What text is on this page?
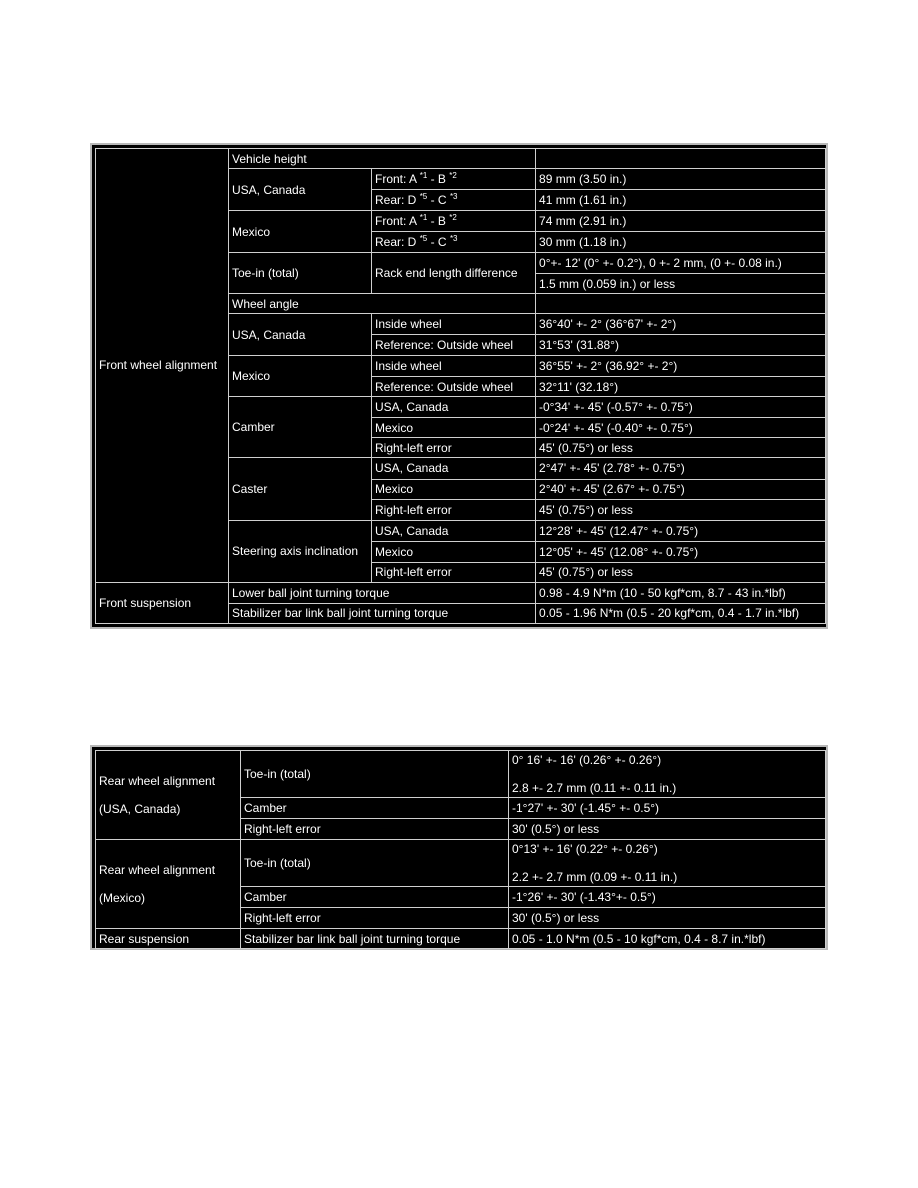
Front wheel alignment	Vehicle height		
	USA, Canada	Front: A $^{*1}$ - B $^{*2}$	89 mm (3.50 in.)
		Rear: D $^{*5}$ - C $^{*3}$	41 mm (1.61 in.)
	Mexico	Front: A $^{*1}$ - B $^{*2}$	74 mm (2.91 in.)
		Rear: D $^{*5}$ - C $^{*3}$	30 mm (1.18 in.)
	Toe-in (total)	Rack end length difference	0°+- 12' (0° +- 0.2°), 0 +- 2 mm, (0 +- 0.08 in.)
			1.5 mm (0.059 in.) or less
	Wheel angle		
	USA, Canada	Inside wheel	36°40' +- 2° (36°67' +- 2°)
		Reference: Outside wheel	31°53' (31.88°)
	Mexico	Inside wheel	36°55' +- 2° (36.92° +- 2°)
		Reference: Outside wheel	32°11' (32.18°)
	Camber	USA, Canada	-0°34' +- 45' (-0.57° +- 0.75°)
		Mexico	-0°24' +- 45' (-0.40° +- 0.75°)
		Right-left error	45' (0.75°) or less
	Caster	USA, Canada	2°47' +- 45' (2.78° +- 0.75°)
		Mexico	2°40' +- 45' (2.67° +- 0.75°)
		Right-left error	45' (0.75°) or less
	Steering axis inclination	USA, Canada	12°28' +- 45' (12.47° +- 0.75°)
		Mexico	12°05' +- 45' (12.08° +- 0.75°)
		Right-left error	45' (0.75°) or less
Front suspension	Lower ball joint turning torque		0.98 - 4.9 N*m (10 - 50 kgf*cm, 8.7 - 43 in.*lbf)
	Stabilizer bar link ball joint turning torque		0.05 - 1.96 N*m (0.5 - 20 kgf*cm, 0.4 - 1.7 in.*lbf)
Rear wheel alignment
(USA, Canada)	Toe-in (total)	0° 16' +- 16' (0.26° +- 0.26°)
2.8 +- 2.7 mm (0.11 +- 0.11 in.)

	Camber	-1°27' +- 30' (-1.45° +- 0.5°)
	Right-left error	30' (0.5°) or less

Rear wheel alignment
(Mexico)	Toe-in (total)	0°13' +- 16' (0.22° +- 0.26°)
2.2 +- 2.7 mm (0.09 +- 0.11 in.)

	Camber	-1°26' +- 30' (-1.43°+- 0.5°)
	Right-left error	30' (0.5°) or less
Rear suspension	Stabilizer bar link ball joint turning torque	0.05 - 1.0 N*m (0.5 - 10 kgf*cm, 0.4 - 8.7 in.*lbf)
